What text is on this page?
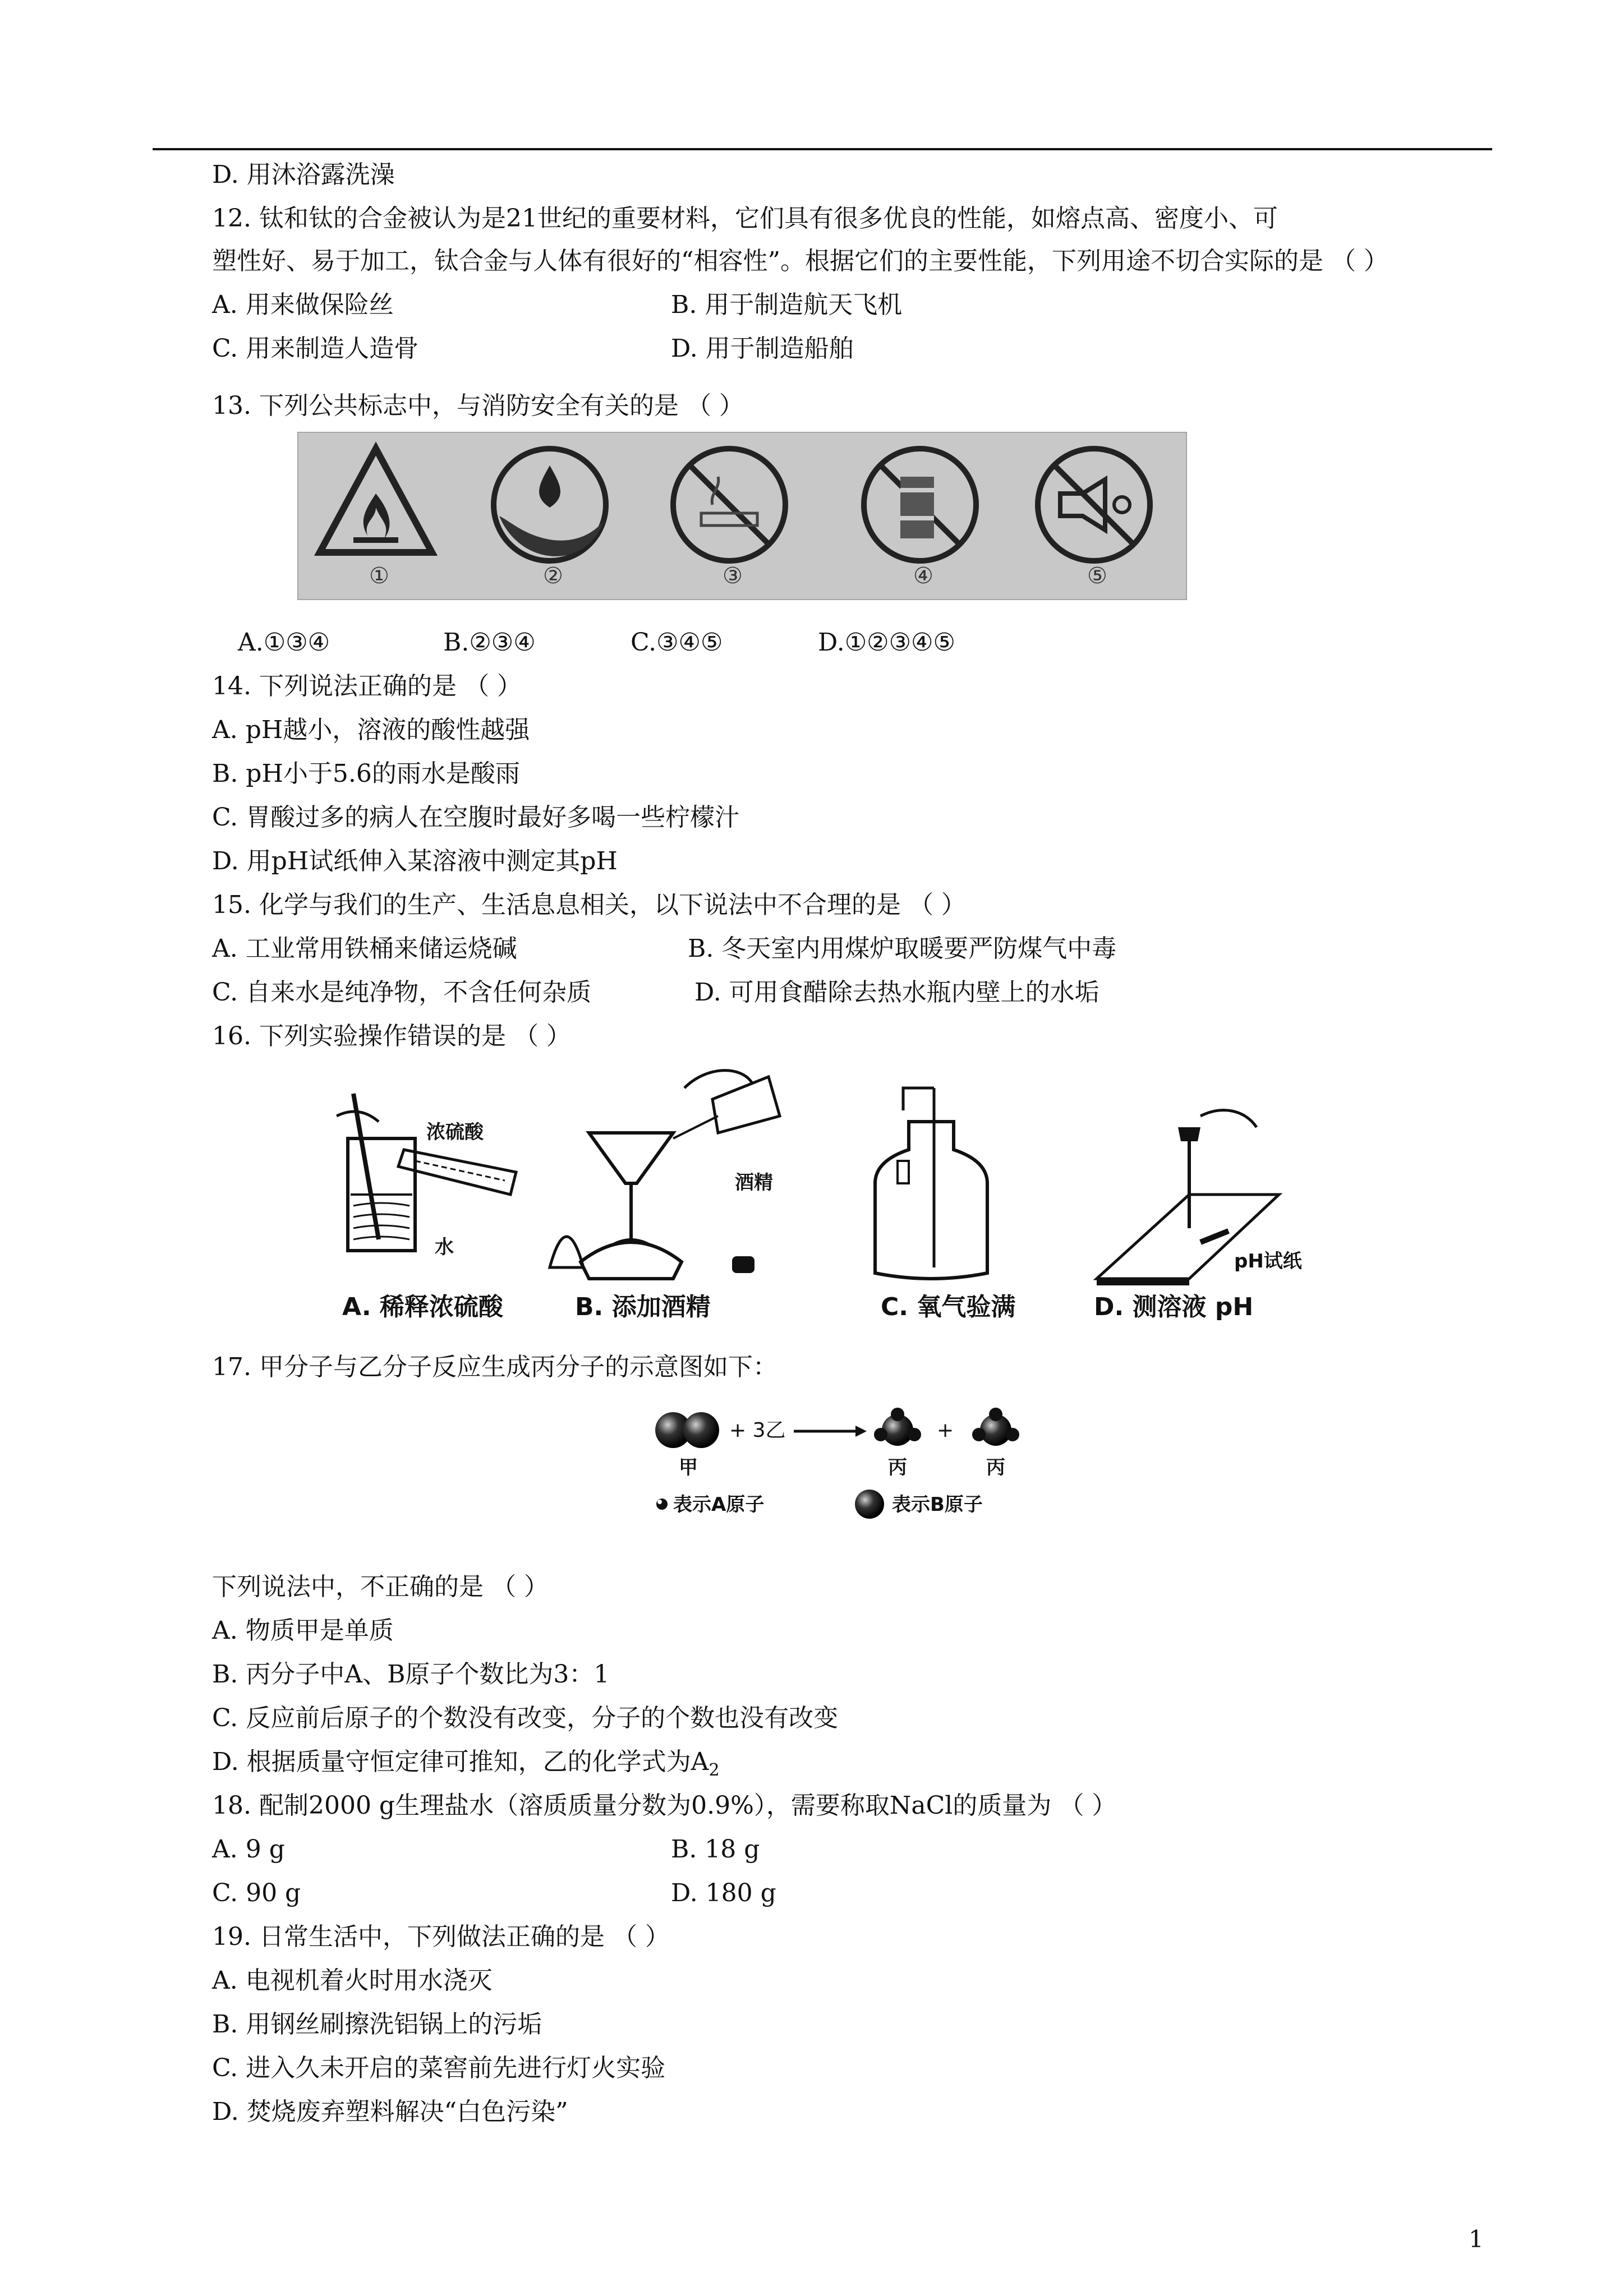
D. 用沐浴露洗澡
12. 钛和钛的合金被认为是21世纪的重要材料，它们具有很多优良的性能，如熔点高、密度小、可
塑性好、易于加工，钛合金与人体有很好的“相容性”。根据它们的主要性能，下列用途不切合实际的是 （ ）
A. 用来做保险丝	B. 用于制造航天飞机
C. 用来制造人造骨	D. 用于制造船舶
13. 下列公共标志中，与消防安全有关的是 （ ）
①	②	③	④	⑤
A.①③④	B.②③④	C.③④⑤	D.①②③④⑤
14. 下列说法正确的是 （ ）
A. pH越小，溶液的酸性越强
B. pH小于5.6的雨水是酸雨
C. 胃酸过多的病人在空腹时最好多喝一些柠檬汁
D. 用pH试纸伸入某溶液中测定其pH
15. 化学与我们的生产、生活息息相关，以下说法中不合理的是 （ ）
A. 工业常用铁桶来储运烧碱	B. 冬天室内用煤炉取暖要严防煤气中毒
C. 自来水是纯净物，不含任何杂质	D. 可用食醋除去热水瓶内壁上的水垢
16. 下列实验操作错误的是 （ ）
浓硫酸
水
A. 稀释浓硫酸
酒精
B. 添加酒精	C. 氧气验满
pH试纸
D. 测溶液 pH
17. 甲分子与乙分子反应生成丙分子的示意图如下：
+ 3乙	+
甲	丙	丙
表示A原子	表示B原子
下列说法中，不正确的是 （ ）
A. 物质甲是单质
B. 丙分子中A、B原子个数比为3：1
C. 反应前后原子的个数没有改变，分子的个数也没有改变
D. 根据质量守恒定律可推知，乙的化学式为$A_2$
18. 配制2000 g生理盐水（溶质质量分数为0.9%），需要称取NaCl的质量为 （ ）
A. 9 g	B. 18 g
C. 90 g	D. 180 g
19. 日常生活中，下列做法正确的是 （ ）
A. 电视机着火时用水浇灭
B. 用钢丝刷擦洗铝锅上的污垢
C. 进入久未开启的菜窖前先进行灯火实验
D. 焚烧废弃塑料解决“白色污染”
1
